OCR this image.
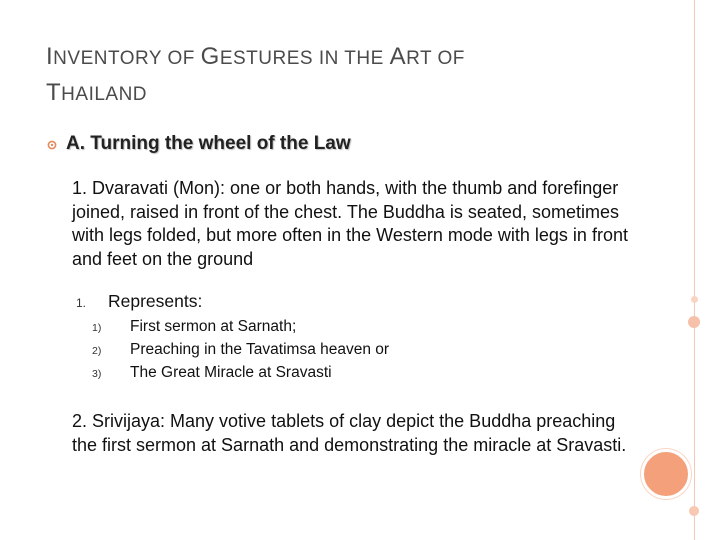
INVENTORY OF GESTURES IN THE ART OF
THAILAND
A. Turning the wheel of the Law
1. Dvaravati (Mon): one or both hands, with the thumb and forefinger joined, raised in front of the chest. The Buddha is seated, sometimes with legs folded, but more often in the Western mode with legs in front and feet on the ground
1. Represents:
1) First sermon at Sarnath;
2) Preaching in the Tavatimsa heaven or
3) The Great Miracle at Sravasti
2. Srivijaya: Many votive tablets of clay depict the Buddha preaching the first sermon at Sarnath and demonstrating the miracle at Sravasti.
